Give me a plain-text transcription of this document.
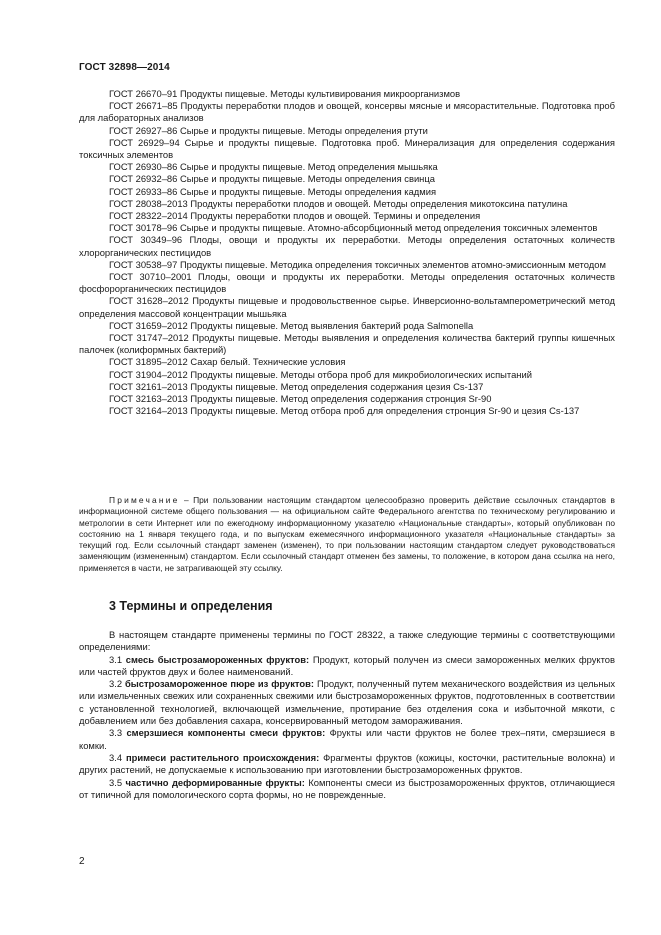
ГОСТ 32898—2014

ГОСТ 26670–91 Продукты пищевые. Методы культивирования микроорганизмов

ГОСТ 26671–85 Продукты переработки плодов и овощей, консервы мясные и мясорастительные. Подготовка проб для лабораторных анализов

ГОСТ 26927–86 Сырье и продукты пищевые. Методы определения ртути

ГОСТ 26929–94 Сырье и продукты пищевые. Подготовка проб. Минерализация для определения содержания токсичных элементов

ГОСТ 26930–86 Сырье и продукты пищевые. Метод определения мышьяка

ГОСТ 26932–86 Сырье и продукты пищевые. Методы определения свинца

ГОСТ 26933–86 Сырье и продукты пищевые. Методы определения кадмия

ГОСТ 28038–2013 Продукты переработки плодов и овощей. Методы определения микотоксина патулина

ГОСТ 28322–2014 Продукты переработки плодов и овощей. Термины и определения

ГОСТ 30178–96 Сырье и продукты пищевые. Атомно-абсорбционный метод определения токсичных элементов

ГОСТ 30349–96 Плоды, овощи и продукты их переработки. Методы определения остаточных количеств хлорорганических пестицидов

ГОСТ 30538–97 Продукты пищевые. Методика определения токсичных элементов атомно-эмиссионным методом

ГОСТ 30710–2001 Плоды, овощи и продукты их переработки. Методы определения остаточных количеств фосфорорганических пестицидов

ГОСТ 31628–2012 Продукты пищевые и продовольственное сырье. Инверсионно-вольтамперометрический метод определения массовой концентрации мышьяка

ГОСТ 31659–2012 Продукты пищевые. Метод выявления бактерий рода Salmonella

ГОСТ 31747–2012 Продукты пищевые. Методы выявления и определения количества бактерий группы кишечных палочек (колиформных бактерий)

ГОСТ 31895–2012 Сахар белый. Технические условия

ГОСТ 31904–2012 Продукты пищевые. Методы отбора проб для микробиологических испытаний

ГОСТ 32161–2013 Продукты пищевые. Метод определения содержания цезия Cs-137

ГОСТ 32163–2013 Продукты пищевые. Метод определения содержания стронция Sr-90

ГОСТ 32164–2013 Продукты пищевые. Метод отбора проб для определения стронция Sr-90 и цезия Cs-137

Примечание – При пользовании настоящим стандартом целесообразно проверить действие ссылочных стандартов в информационной системе общего пользования — на официальном сайте Федерального агентства по техническому регулированию и метрологии в сети Интернет или по ежегодному информационному указателю «Национальные стандарты», который опубликован по состоянию на 1 января текущего года, и по выпускам ежемесячного информационного указателя «Национальные стандарты» за текущий год. Если ссылочный стандарт заменен (изменен), то при пользовании настоящим стандартом следует руководствоваться заменяющим (измененным) стандартом. Если ссылочный стандарт отменен без замены, то положение, в котором дана ссылка на него, применяется в части, не затрагивающей эту ссылку.

3 Термины и определения

В настоящем стандарте применены термины по ГОСТ 28322, а также следующие термины с соответствующими определениями:

3.1 смесь быстрозамороженных фруктов: Продукт, который получен из смеси замороженных мелких фруктов или частей фруктов двух и более наименований.

3.2 быстрозамороженное пюре из фруктов: Продукт, полученный путем механического воздействия из цельных или измельченных свежих или сохраненных свежими или быстрозамороженных фруктов, подготовленных в соответствии с установленной технологией, включающей измельчение, протирание без отделения сока и избыточной мякоти, с добавлением или без добавления сахара, консервированный методом замораживания.

3.3 смерзшиеся компоненты смеси фруктов: Фрукты или части фруктов не более трех–пяти, смерзшиеся в комки.

3.4 примеси растительного происхождения: Фрагменты фруктов (кожицы, косточки, растительные волокна) и других растений, не допускаемые к использованию при изготовлении быстрозамороженных фруктов.

3.5 частично деформированные фрукты: Компоненты смеси из быстрозамороженных фруктов, отличающиеся от типичной для помологического сорта формы, но не поврежденные.

2
